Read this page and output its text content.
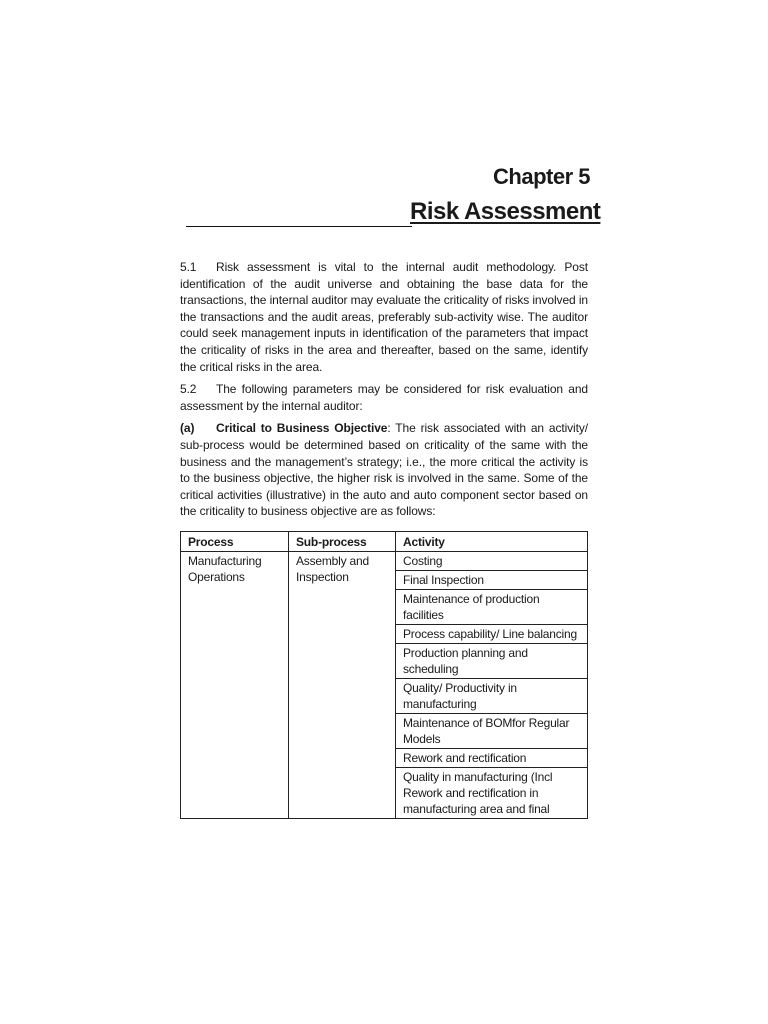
Chapter 5
Risk Assessment

5.1 Risk assessment is vital to the internal audit methodology. Post identification of the audit universe and obtaining the base data for the transactions, the internal auditor may evaluate the criticality of risks involved in the transactions and the audit areas, preferably sub-activity wise. The auditor could seek management inputs in identification of the parameters that impact the criticality of risks in the area and thereafter, based on the same, identify the critical risks in the area.

5.2 The following parameters may be considered for risk evaluation and assessment by the internal auditor:

(a) Critical to Business Objective: The risk associated with an activity/ sub-process would be determined based on criticality of the same with the business and the management’s strategy; i.e., the more critical the activity is to the business objective, the higher risk is involved in the same. Some of the critical activities (illustrative) in the auto and auto component sector based on the criticality to business objective are as follows:

Process	Sub-process	Activity
Manufacturing Operations	Assembly and Inspection	Costing
		Final Inspection
		Maintenance of production facilities
		Process capability/ Line balancing
		Production planning and scheduling
		Quality/ Productivity in manufacturing
		Maintenance of BOMfor Regular Models
		Rework and rectification
		Quality in manufacturing (Incl Rework and rectification in manufacturing area and final
